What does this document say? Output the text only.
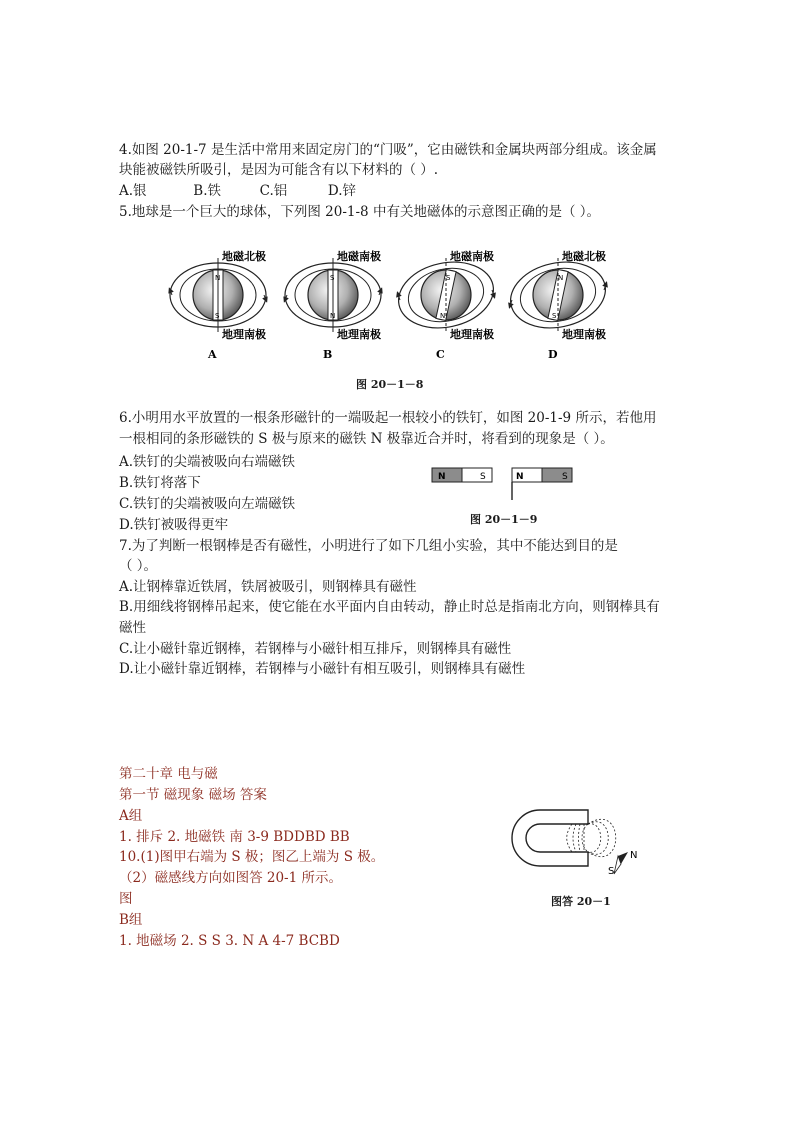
4.如图 20-1-7 是生活中常用来固定房门的“门吸”，它由磁铁和金属块两部分组成。该金属
块能被磁铁所吸引，是因为可能含有以下材料的（ ）.
A.银	B.铁	C.铝	D.锌
5.地球是一个巨大的球体，下列图 20-1-8 中有关地磁体的示意图正确的是（ ）。
N
S
地磁北极
地理南极
A
S
N
地磁南极
地理南极
B
S
N
地磁南极
地理南极
C
N
S
地磁北极
地理南极
D
图 20－1－8
6.小明用水平放置的一根条形磁针的一端吸起一根较小的铁钉，如图 20-1-9 所示，若他用
一根相同的条形磁铁的 S 极与原来的磁铁 N 极靠近合并时，将看到的现象是（ ）。
A.铁钉的尖端被吸向右端磁铁
B.铁钉将落下
C.铁钉的尖端被吸向左端磁铁
D.铁钉被吸得更牢
N	S	N	S
图 20－1－9
7.为了判断一根钢棒是否有磁性，小明进行了如下几组小实验，其中不能达到目的是
（ ）。
A.让钢棒靠近铁屑，铁屑被吸引，则钢棒具有磁性
B.用细线将钢棒吊起来，使它能在水平面内自由转动，静止时总是指南北方向，则钢棒具有
磁性
C.让小磁针靠近钢棒，若钢棒与小磁针相互排斥，则钢棒具有磁性
D.让小磁针靠近钢棒，若钢棒与小磁针有相互吸引，则钢棒具有磁性
第二十章 电与磁
第一节 磁现象 磁场 答案
A组
1. 排斥 2. 地磁铁 南 3-9 BDDBD BB
10.(1)图甲右端为 S 极；图乙上端为 S 极。
（2）磁感线方向如图答 20-1 所示。
图
B组
1. 地磁场 2. S S 3. N A 4-7 BCBD
N
S
图答 20－1
